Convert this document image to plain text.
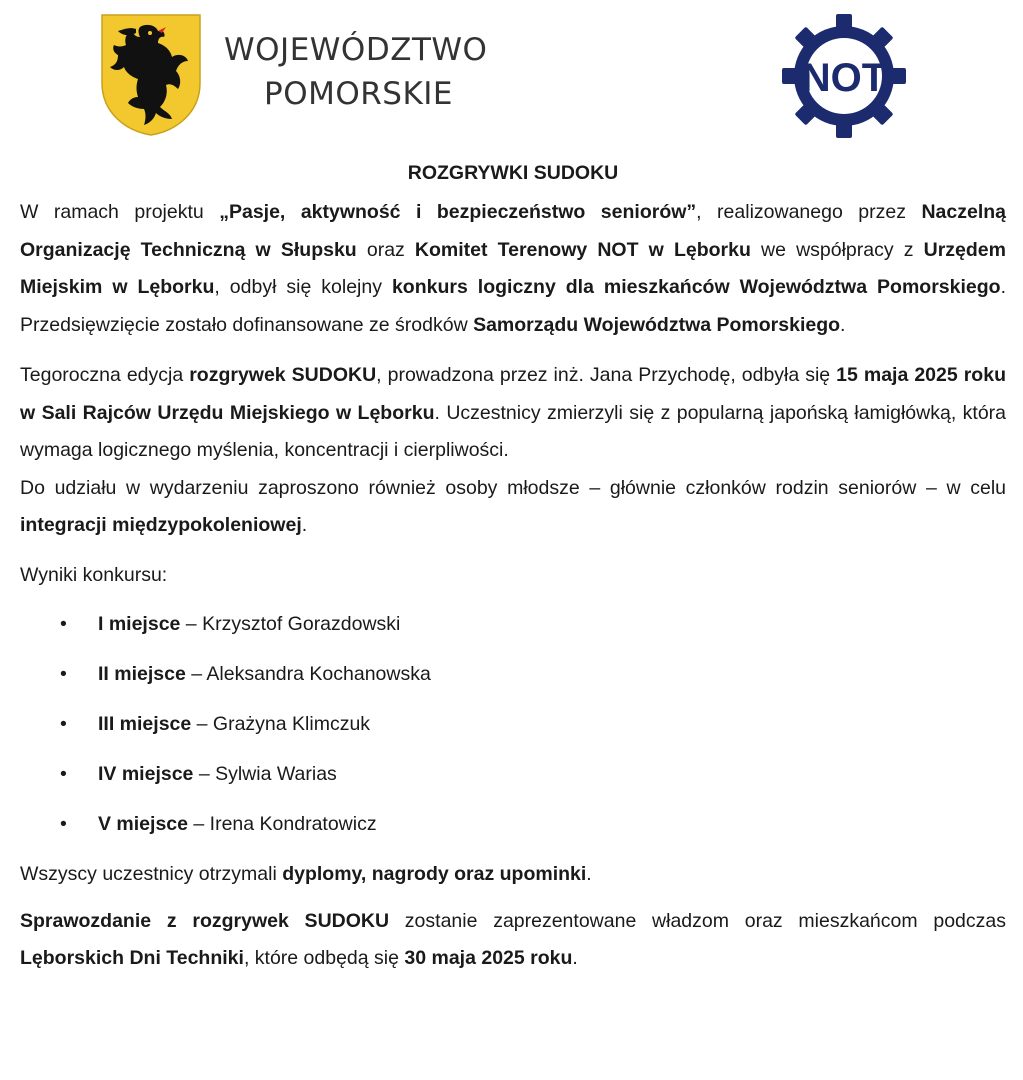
WOJEWÓDZTWO
POMORSKIE	NOT
ROZGRYWKI SUDOKU

W ramach projektu „Pasje, aktywność i bezpieczeństwo seniorów”, realizowanego przez Naczelną Organizację Techniczną w Słupsku oraz Komitet Terenowy NOT w Lęborku we współpracy z Urzędem Miejskim w Lęborku, odbył się kolejny konkurs logiczny dla mieszkańców Województwa Pomorskiego. Przedsięwzięcie zostało dofinansowane ze środków Samorządu Województwa Pomorskiego.

Tegoroczna edycja rozgrywek SUDOKU, prowadzona przez inż. Jana Przychodę, odbyła się 15 maja 2025 roku w Sali Rajców Urzędu Miejskiego w Lęborku. Uczestnicy zmierzyli się z popularną japońską łamigłówką, która wymaga logicznego myślenia, koncentracji i cierpliwości.

Do udziału w wydarzeniu zaproszono również osoby młodsze – głównie członków rodzin seniorów – w celu integracji międzypokoleniowej.

Wyniki konkursu:

• I miejsce – Krzysztof Gorazdowski
• II miejsce – Aleksandra Kochanowska
• III miejsce – Grażyna Klimczuk
• IV miejsce – Sylwia Warias
• V miejsce – Irena Kondratowicz

Wszyscy uczestnicy otrzymali dyplomy, nagrody oraz upominki.

Sprawozdanie z rozgrywek SUDOKU zostanie zaprezentowane władzom oraz mieszkańcom podczas Lęborskich Dni Techniki, które odbędą się 30 maja 2025 roku.
